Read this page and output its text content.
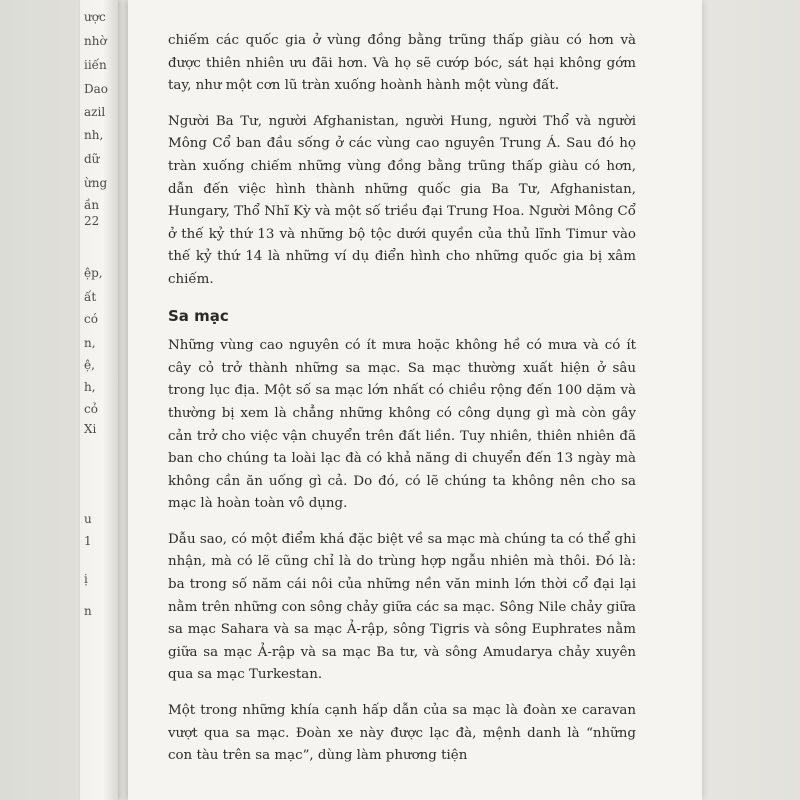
ược
nhờ
iiến
Dao
azil
nh,
dữ
ừng
ần
22
ệp,
ất
có
n,
ệ,
h,
cỏ
Xi
u
1
ị
n

chiếm các quốc gia ở vùng đồng bằng trũng thấp giàu có hơn và được thiên nhiên ưu đãi hơn. Và họ sẽ cướp bóc, sát hại không gớm tay, như một cơn lũ tràn xuống hoành hành một vùng đất.

Người Ba Tư, người Afghanistan, người Hung, người Thổ và người Mông Cổ ban đầu sống ở các vùng cao nguyên Trung Á. Sau đó họ tràn xuống chiếm những vùng đồng bằng trũng thấp giàu có hơn, dẫn đến việc hình thành những quốc gia Ba Tư, Afghanistan, Hungary, Thổ Nhĩ Kỳ và một số triều đại Trung Hoa. Người Mông Cổ ở thế kỷ thứ 13 và những bộ tộc dưới quyền của thủ lĩnh Timur vào thế kỷ thứ 14 là những ví dụ điển hình cho những quốc gia bị xâm chiếm.

Sa mạc

Những vùng cao nguyên có ít mưa hoặc không hề có mưa và có ít cây cỏ trở thành những sa mạc. Sa mạc thường xuất hiện ở sâu trong lục địa. Một số sa mạc lớn nhất có chiều rộng đến 100 dặm và thường bị xem là chẳng những không có công dụng gì mà còn gây cản trở cho việc vận chuyển trên đất liền. Tuy nhiên, thiên nhiên đã ban cho chúng ta loài lạc đà có khả năng di chuyển đến 13 ngày mà không cần ăn uống gì cả. Do đó, có lẽ chúng ta không nên cho sa mạc là hoàn toàn vô dụng.

Dẫu sao, có một điểm khá đặc biệt về sa mạc mà chúng ta có thể ghi nhận, mà có lẽ cũng chỉ là do trùng hợp ngẫu nhiên mà thôi. Đó là: ba trong số năm cái nôi của những nền văn minh lớn thời cổ đại lại nằm trên những con sông chảy giữa các sa mạc. Sông Nile chảy giữa sa mạc Sahara và sa mạc Ả-rập, sông Tigris và sông Euphrates nằm giữa sa mạc Ả-rập và sa mạc Ba tư, và sông Amudarya chảy xuyên qua sa mạc Turkestan.

Một trong những khía cạnh hấp dẫn của sa mạc là đoàn xe caravan vượt qua sa mạc. Đoàn xe này được lạc đà, mệnh danh là “những con tàu trên sa mạc”, dùng làm phương tiện
